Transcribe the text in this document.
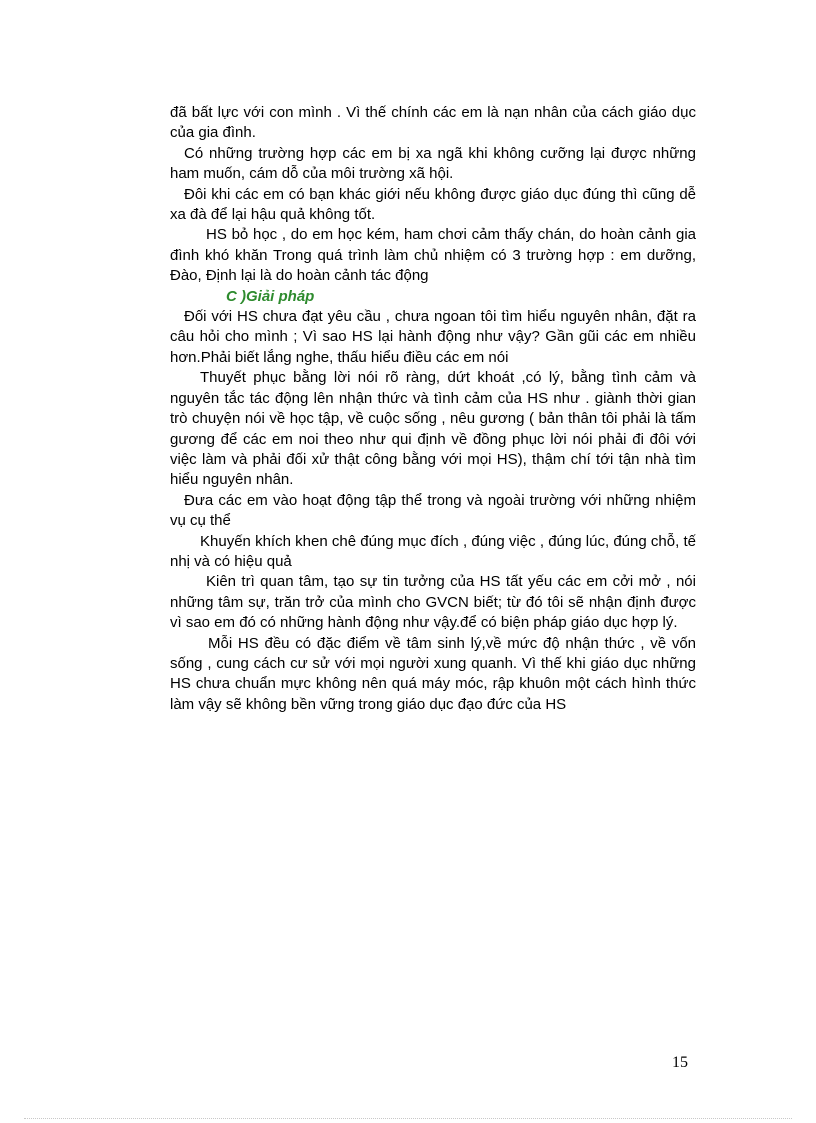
đã bất lực với con mình . Vì thế chính các em là nạn nhân của cách giáo dục của gia đình.

Có những trường hợp các em bị xa ngã khi không cưỡng lại được những ham muốn, cám dỗ của môi trường xã hội.

Đôi khi các em có bạn khác giới nếu không được giáo dục đúng thì cũng dễ xa đà để lại hậu quả không tốt.

HS bỏ học , do em học kém, ham chơi cảm thấy chán, do hoàn cảnh gia đình khó khăn Trong quá trình làm chủ nhiệm có 3 trường hợp : em dưỡng, Đào, Định lại là do hoàn cảnh tác động

C )Giải pháp

Đối với HS chưa đạt yêu cầu , chưa ngoan tôi tìm hiểu nguyên nhân, đặt ra câu hỏi cho mình ; Vì sao HS lại hành động như vậy? Gần gũi các em nhiều hơn.Phải biết lắng nghe, thấu hiểu điều các em nói

Thuyết phục bằng lời nói rõ ràng, dứt khoát ,có lý, bằng tình cảm và nguyên tắc tác động lên nhận thức và tình cảm của HS như . giành thời gian trò chuyện nói về học tập, về cuộc sống , nêu gương ( bản thân tôi phải là tấm gương để các em noi theo như qui định về đồng phục lời nói phải đi đôi với việc làm và phải đối xử thật công bằng với mọi HS), thậm chí tới tận nhà tìm hiểu nguyên nhân.

Đưa các em vào hoạt động tập thể trong và ngoài trường với những nhiệm vụ cụ thể

Khuyến khích khen chê đúng mục đích , đúng việc , đúng lúc, đúng chỗ, tế nhị và có hiệu quả

Kiên trì quan tâm, tạo sự tin tưởng của HS tất yếu các em cởi mở , nói những tâm sự, trăn trở của mình cho GVCN biết; từ đó tôi sẽ nhận định được vì sao em đó có những hành động như vậy.để có biện pháp giáo dục hợp lý.

Mỗi HS đều có đặc điểm về tâm sinh lý,về mức độ nhận thức , về vốn sống , cung cách cư sử với mọi người xung quanh. Vì thế khi giáo dục những HS chưa chuẩn mực không nên quá máy móc, rập khuôn một cách hình thức làm vậy sẽ không bền vững trong giáo dục đạo đức của HS

15
